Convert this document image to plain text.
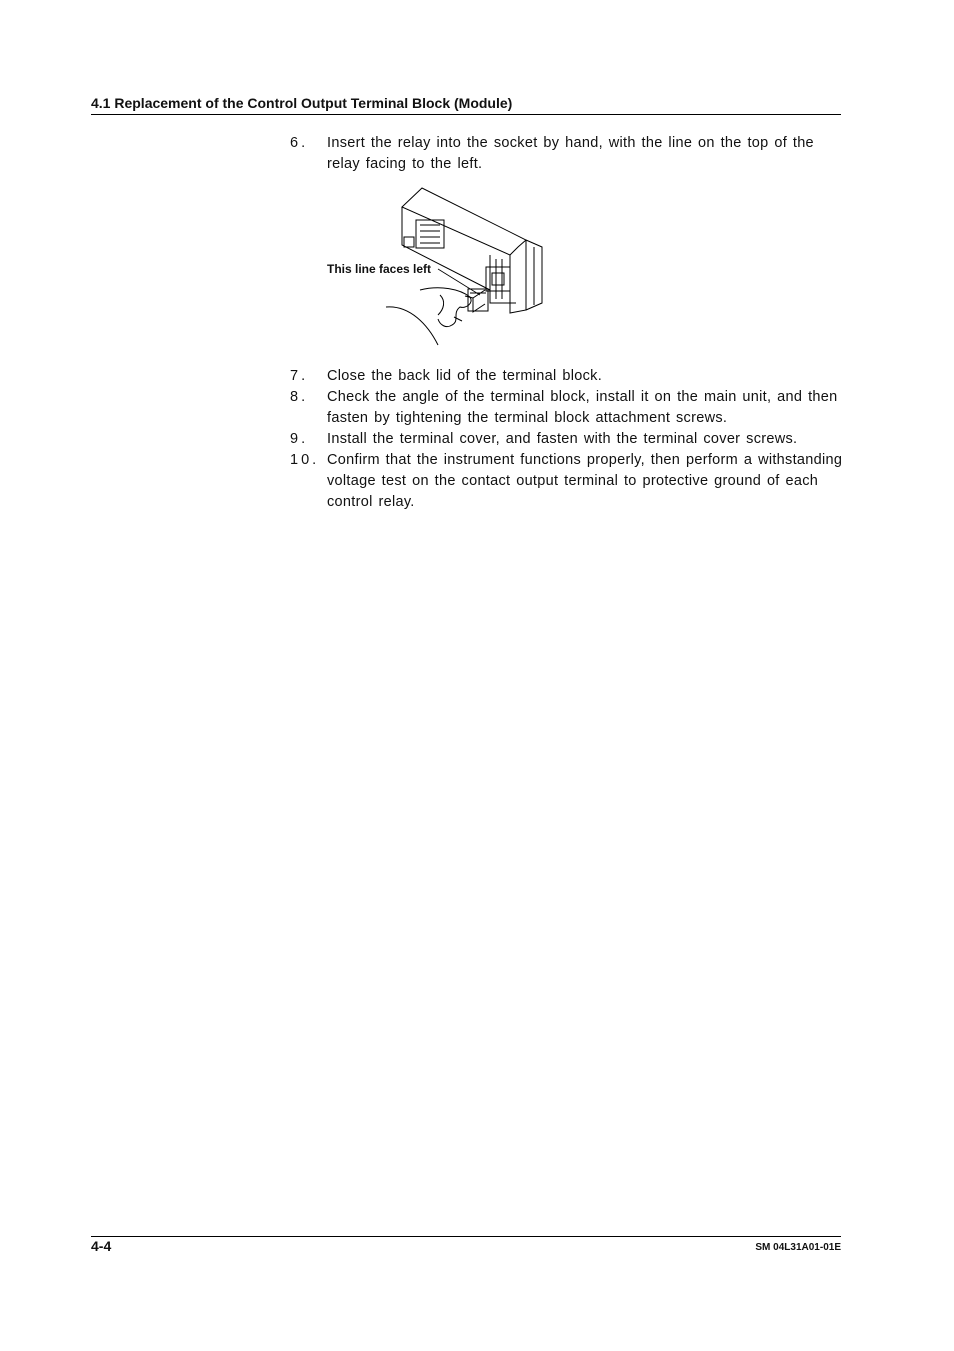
4.1 Replacement of the Control Output Terminal Block (Module)
6. Insert the relay into the socket by hand, with the line on the top of the relay facing to the left.
This line faces left
7. Close the back lid of the terminal block.
8. Check the angle of the terminal block, install it on the main unit, and then fasten by tightening the terminal block attachment screws.
9. Install the terminal cover, and fasten with the terminal cover screws.
10. Confirm that the instrument functions properly, then perform a withstanding voltage test on the contact output terminal to protective ground of each control relay.
4-4	SM 04L31A01-01E
